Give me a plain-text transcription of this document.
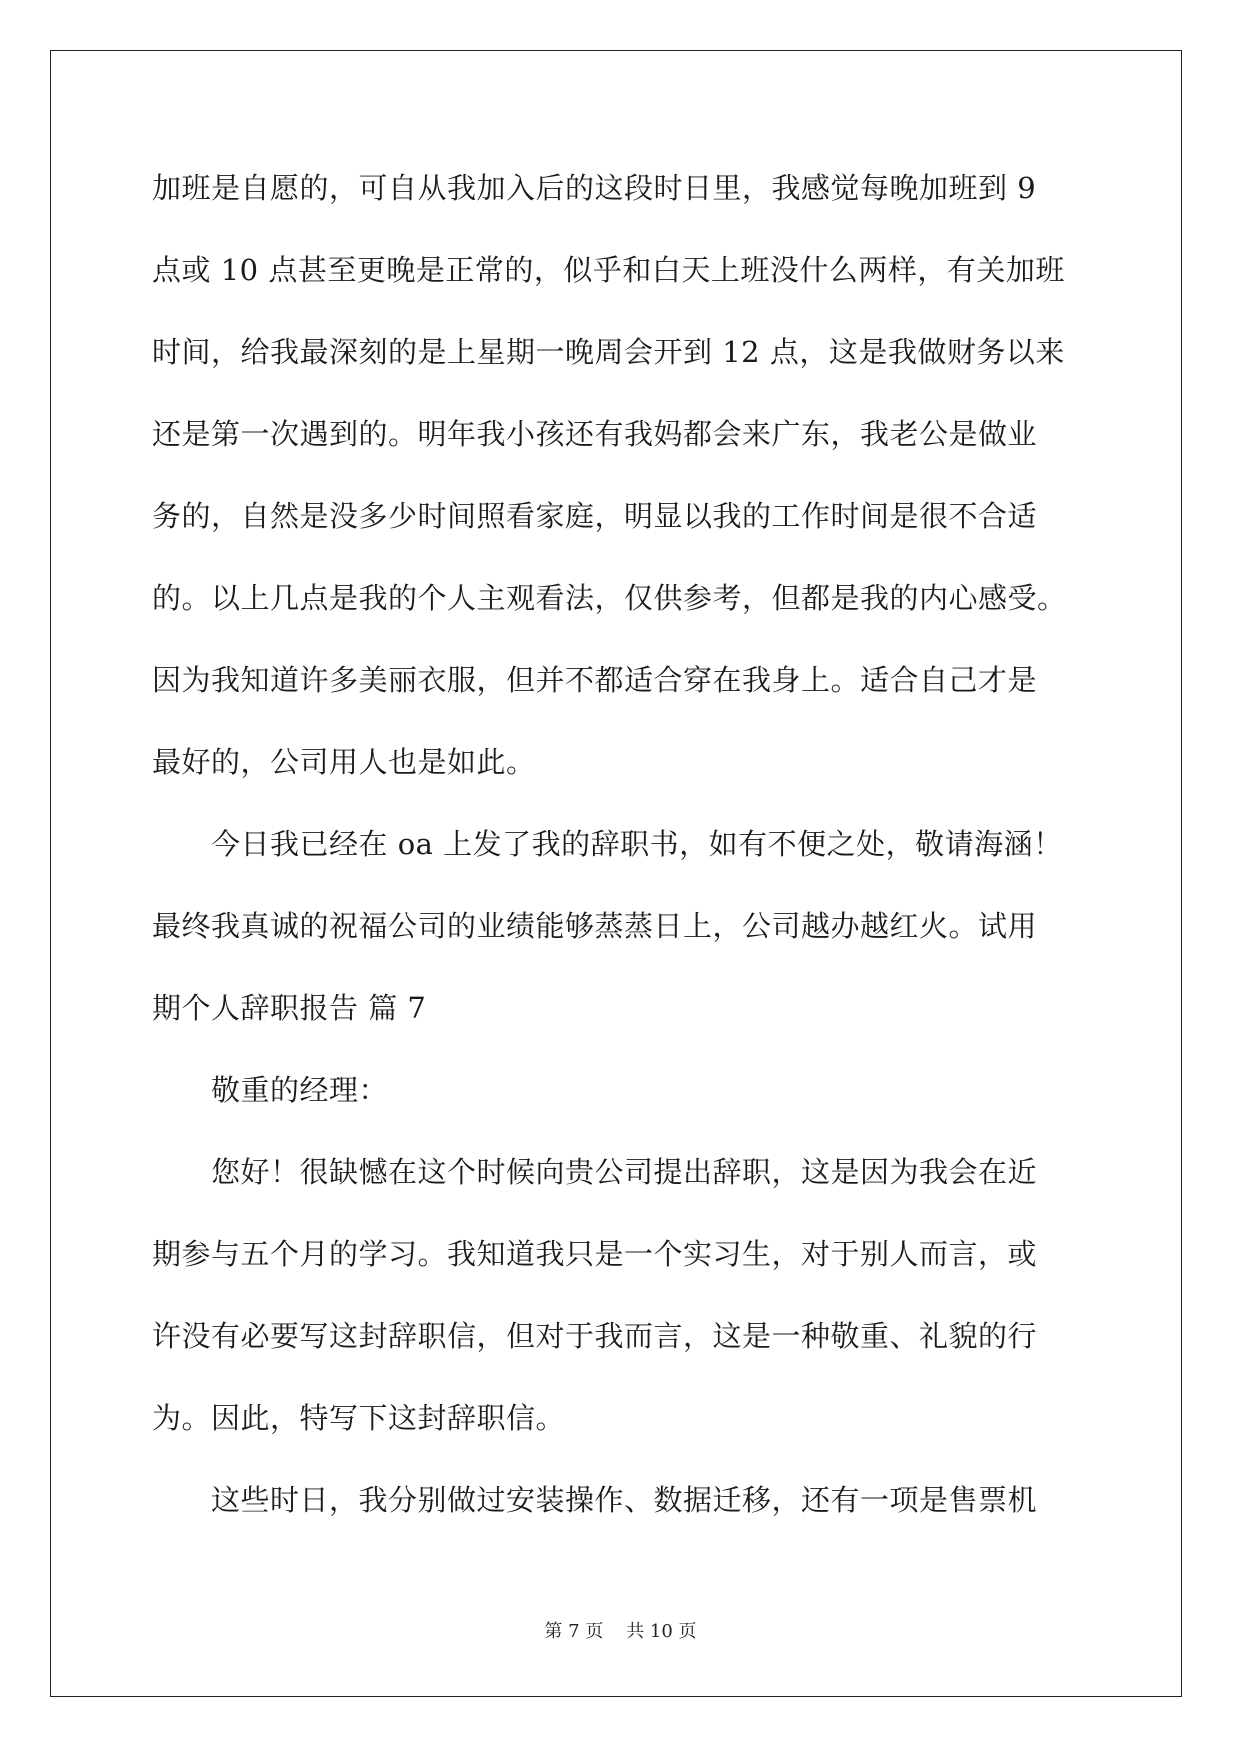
加班是自愿的，可自从我加入后的这段时日里，我感觉每晚加班到 9
点或 10 点甚至更晚是正常的，似乎和白天上班没什么两样，有关加班
时间，给我最深刻的是上星期一晚周会开到 12 点，这是我做财务以来
还是第一次遇到的。明年我小孩还有我妈都会来广东，我老公是做业
务的，自然是没多少时间照看家庭，明显以我的工作时间是很不合适
的。以上几点是我的个人主观看法，仅供参考，但都是我的内心感受。
因为我知道许多美丽衣服，但并不都适合穿在我身上。适合自己才是
最好的，公司用人也是如此。
　　今日我已经在 oa 上发了我的辞职书，如有不便之处，敬请海涵！
最终我真诚的祝福公司的业绩能够蒸蒸日上，公司越办越红火。试用
期个人辞职报告 篇 7
　　敬重的经理：
　　您好！很缺憾在这个时候向贵公司提出辞职，这是因为我会在近
期参与五个月的学习。我知道我只是一个实习生，对于别人而言，或
许没有必要写这封辞职信，但对于我而言，这是一种敬重、礼貌的行
为。因此，特写下这封辞职信。
　　这些时日，我分别做过安装操作、数据迁移，还有一项是售票机
第 7 页    共 10 页
